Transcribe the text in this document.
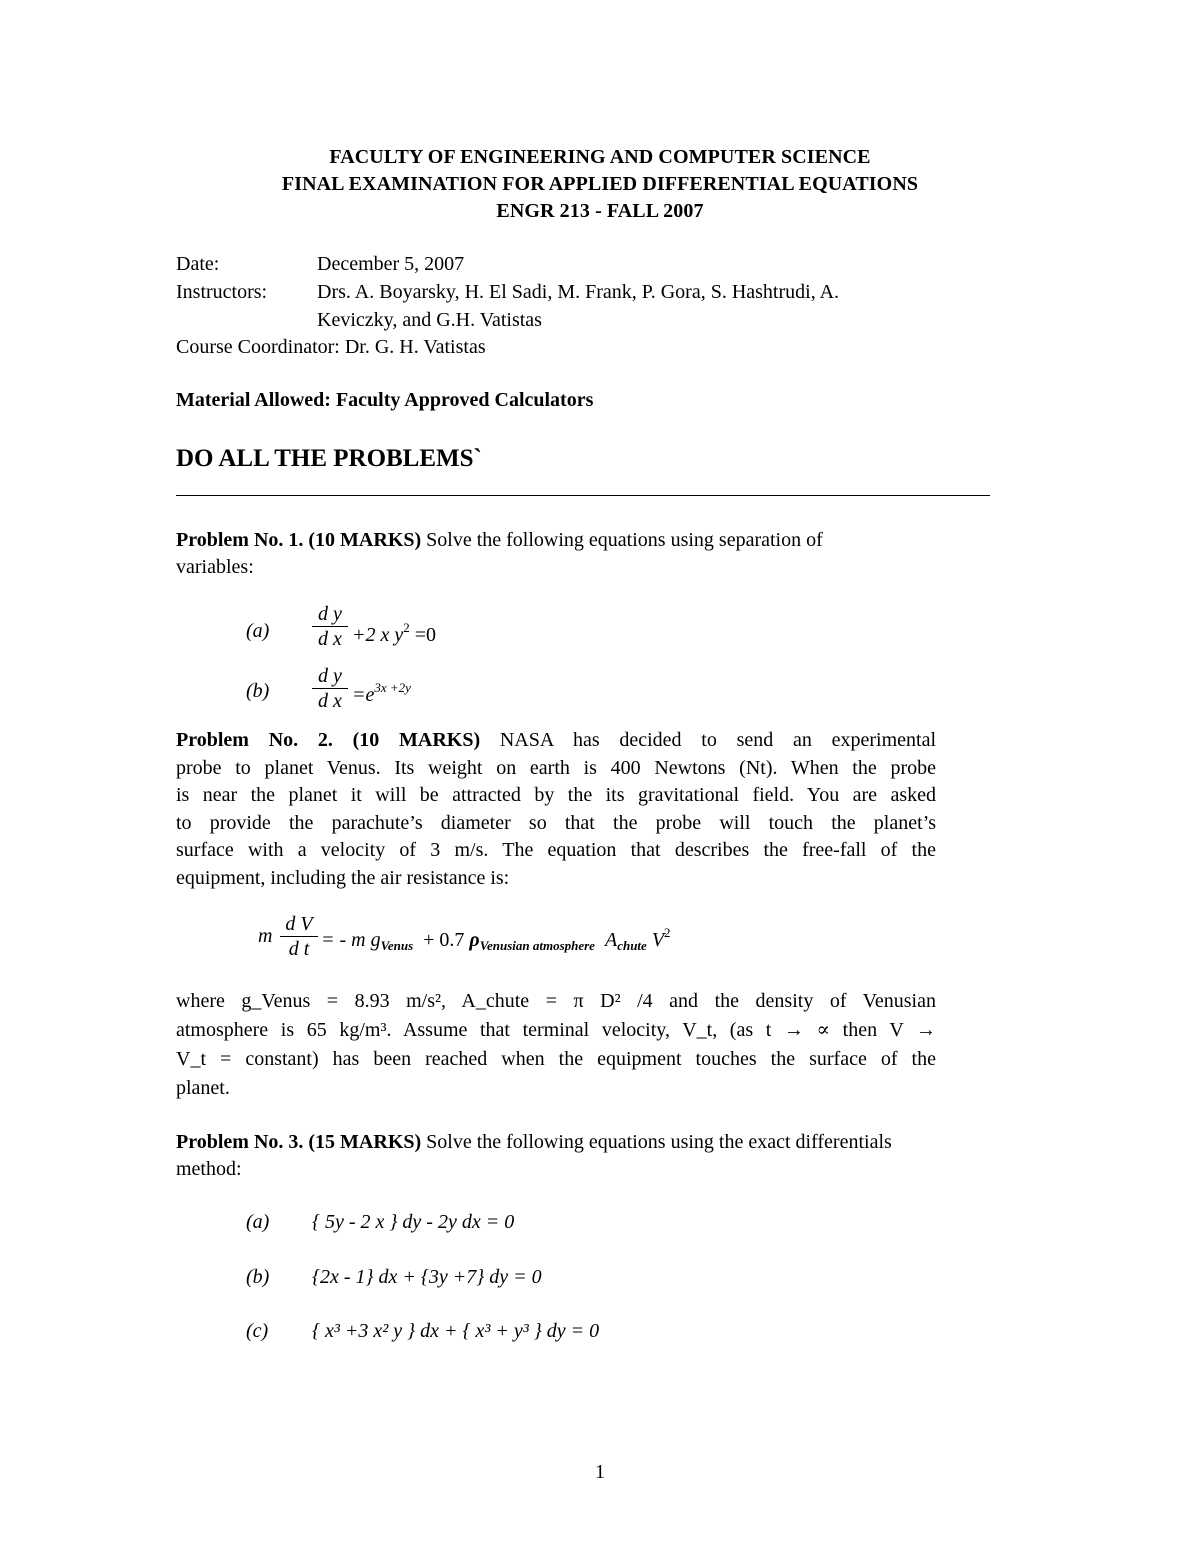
FACULTY OF ENGINEERING AND COMPUTER SCIENCE
FINAL EXAMINATION FOR APPLIED DIFFERENTIAL EQUATIONS
ENGR 213 - FALL 2007
Date:	December 5, 2007
Instructors: Drs. A. Boyarsky, H. El Sadi, M. Frank, P. Gora, S. Hashtrudi, A.
Keviczky, and G.H. Vatistas
Course Coordinator: Dr. G. H. Vatistas
Material Allowed: Faculty Approved Calculators
DO ALL THE PROBLEMS`
Problem No. 1. (10 MARKS) Solve the following equations using separation of
variables:
(a)
d y
d x +2 x $y^2 =0$
(b)
d y
d $x =e^{3x +2y}$
Problem No. 2. (10 MARKS) NASA has decided to send an experimental
probe to planet Venus. Its weight on earth is 400 Newtons (Nt). When the probe
is near the planet it will be attracted by the its gravitational field. You are asked
to provide the parachute’s diameter so that the probe will touch the planet’s
surface with a velocity of 3 m/s. The equation that describes the free-fall of the
equipment, including the air resistance is:
m
d V
d t = - m $g_{Venus} + 0.7$ $\rho_{Venusian atmosphere}$ $A_{chute}$ $V^2$
where g_Venus = 8.93 m/s², A_chute = π D² /4 and the density of Venusian
atmosphere is 65 kg/m³. Assume that terminal velocity, V_t, (as t → ∝ then V →
V_t = constant) has been reached when the equipment touches the surface of the
planet.
Problem No. 3. (15 MARKS) Solve the following equations using the exact differentials
method:
(a) { 5y - 2 x } dy - 2y dx = 0
(b) {2x - 1} dx + {3y +7} dy = 0
(c) { x³ +3 x² y } dx + { x³ + y³ } dy = 0
1
